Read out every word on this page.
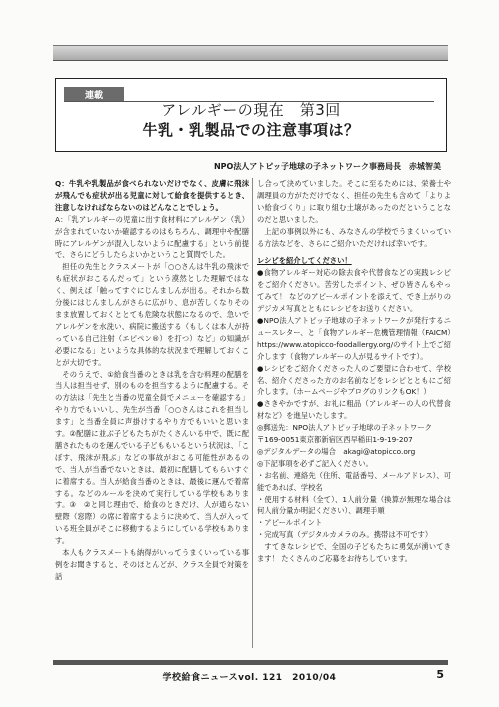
連載
アレルギーの現在　第3回
牛乳・乳製品での注意事項は？
NPO法人アトピッ子地球の子ネットワーク事務局長　赤城智美

Q：牛乳や乳製品が食べられないだけでなく、皮膚に飛沫が飛んでも症状が出る児童に対して給食を提供するとき、注意しなければならないのはどんなことでしょう。

A：「乳アレルギーの児童に出す食材料にアレルゲン（乳）が含まれていないか確認するのはもちろん、調理中や配膳時にアレルゲンが混入しないように配慮する」という前提で、さらにどうしたらよいかということ質問でした。

担任の先生とクラスメートが「○○さんは牛乳の飛沫でも症状がおこるんだって」という漠然とした理解ではなく、例えば「触ってすぐにじんましんが出る。それから数分後にはじんましんがさらに広がり、息が苦しくなりそのまま放置しておくととても危険な状態になるので、急いでアレルゲンを水洗い、病院に搬送する（もしくは本人が持っている自己注射（エピペン®）を打つ）など」の知識が必要になる」といような具体的な状況まで理解しておくことが大切です。

そのうえで、①給食当番のときは乳を含む料理の配膳を当人は担当せず、別のものを担当するように配慮する。その方法は「先生と当番の児童全員でメニューを確認する」やり方でもいいし、先生が当番「○○さんはこれを担当します」と当番全員に声掛けするやり方でもいいと思います。②配膳に並ぶ子どもたちがたくさんいる中で、既に配膳されたものを運んでいる子どももいるという状況は、「こぼす、飛沫が飛ぶ」などの事故がおこる可能性があるので、当人が当番でないときは、最初に配膳してもらいすぐに着席する。当人が給食当番のときは、最後に運んで着席する。などのルールを決めて実行している学校もあります。③　②と同じ理由で、給食のときだけ、人が通らない壁際（窓際）の席に着席するように決めて、当人が入っている班全員がそこに移動するようにしている学校もあります。

本人もクラスメートも納得がいってうまくいっている事例をお聞きすると、そのほとんどが、クラス全員で対策を話

し合って決めていました。そこに至るためには、栄養士や調理員の方がただけでなく、担任の先生も含めて「よりよい給食づくり」に取り組む土壌があったのだということなのだと思いました。

上記の事例以外にも、みなさんの学校でうまくいっている方法などを、さらにご紹介いただければ幸いです。

レシピを紹介してください！

●食物アレルギー対応の除去食や代替食などの実践レシピをご紹介ください。苦労したポイント、ぜひ皆さんもやってみて！ などのアピールポイントを添えて、でき上がりのデジカメ写真とともにレシピをお送りください。

●NPO法人アトピッ子地球の子ネットワークが発行するニュースレター、と「食物アレルギー危機管理情報（FAICM）https://www.atopicco-foodallergy.org/のサイト上でご紹介します（食物アレルギーの人が見るサイトです）。

●レシピをご紹介くださった人のご要望に合わせて、学校名、紹介くださった方のお名前などをレシピとともにご紹介します。（ホームページやブログのリンクもOK！）

●さきやかですが、お礼に粗品（アレルギーの人の代替食材など）を進呈いたします。

◎郵送先：NPO法人アトピッ子地球の子ネットワーク

〒169-0051東京都新宿区西早稲田1-9-19-207

◎デジタルデータの場合　akagi@atopicco.org

◎下記事項を必ずご記入ください。

・お名前、連絡先（住所、電話番号、メールアドレス）、可能であれば、学校名

・使用する材料（全て）、1人前分量（換算が無理な場合は何人前分量か明記ください）、調理手順

・アピールポイント

・完成写真（デジタルカメラのみ。携帯は不可です）

すてきなレシピで、全国の子どもたちに勇気が湧いてきます！ たくさんのご応募をお待ちしています。

学校給食ニュースvol. 121　2010/04	5
